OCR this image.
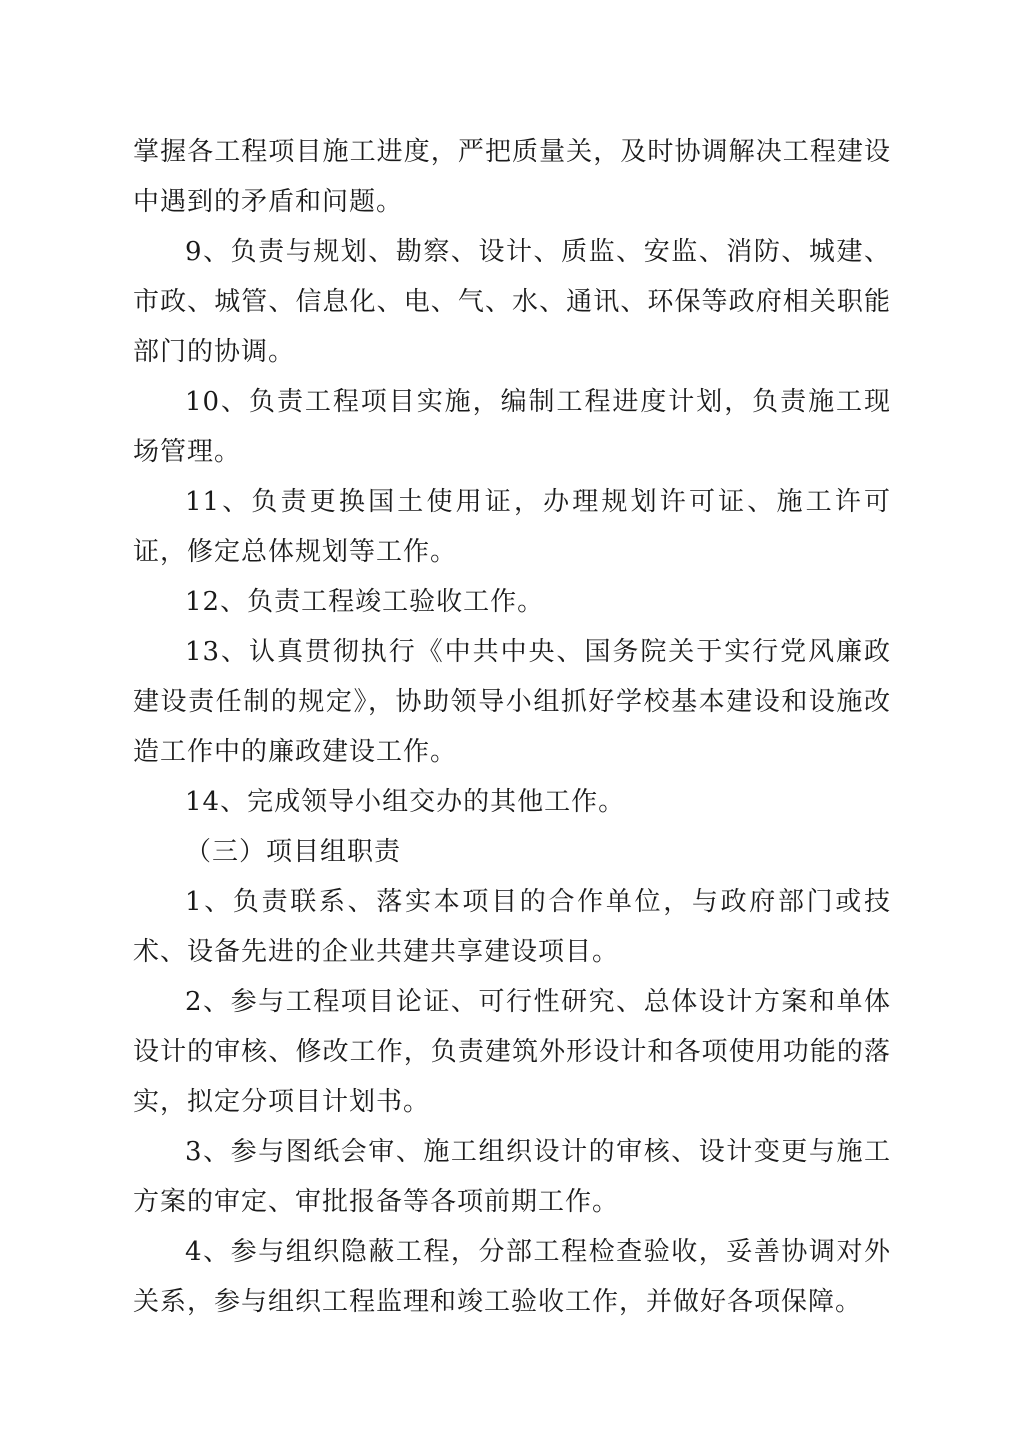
掌握各工程项目施工进度，严把质量关，及时协调解决工程建设中遇到的矛盾和问题。

9、负责与规划、勘察、设计、质监、安监、消防、城建、市政、城管、信息化、电、气、水、通讯、环保等政府相关职能部门的协调。

10、负责工程项目实施，编制工程进度计划，负责施工现场管理。

11、负责更换国土使用证，办理规划许可证、施工许可证，修定总体规划等工作。

12、负责工程竣工验收工作。

13、认真贯彻执行《中共中央、国务院关于实行党风廉政建设责任制的规定》，协助领导小组抓好学校基本建设和设施改造工作中的廉政建设工作。

14、完成领导小组交办的其他工作。

（三）项目组职责

1、负责联系、落实本项目的合作单位，与政府部门或技术、设备先进的企业共建共享建设项目。

2、参与工程项目论证、可行性研究、总体设计方案和单体设计的审核、修改工作，负责建筑外形设计和各项使用功能的落实，拟定分项目计划书。

3、参与图纸会审、施工组织设计的审核、设计变更与施工方案的审定、审批报备等各项前期工作。

4、参与组织隐蔽工程，分部工程检查验收，妥善协调对外关系，参与组织工程监理和竣工验收工作，并做好各项保障。
